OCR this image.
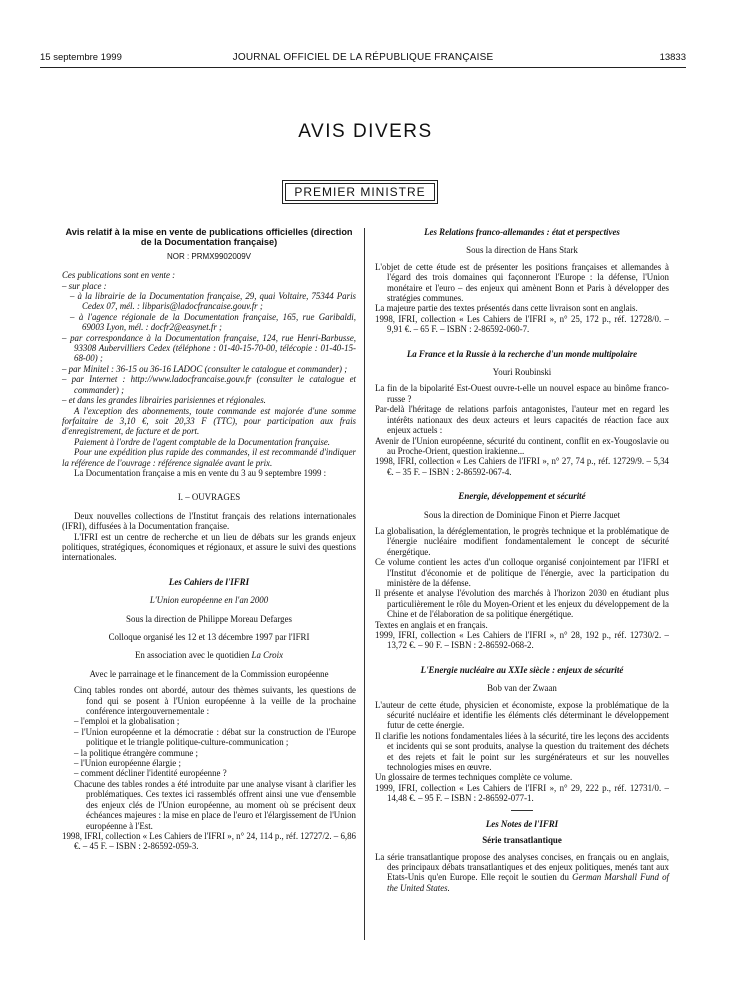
15 septembre 1999	JOURNAL OFFICIEL DE LA RÉPUBLIQUE FRANÇAISE	13833
AVIS DIVERS
PREMIER MINISTRE
Avis relatif à la mise en vente de publications officielles (direction de la Documentation française)
NOR : PRMX9902009V

Ces publications sont en vente :

– sur place :

– à la librairie de la Documentation française, 29, quai Voltaire, 75344 Paris Cedex 07, mél. : libparis@ladocfrancaise.gouv.fr ;

– à l'agence régionale de la Documentation française, 165, rue Garibaldi, 69003 Lyon, mél. : docfr2@easynet.fr ;

– par correspondance à la Documentation française, 124, rue Henri-Barbusse, 93308 Aubervilliers Cedex (téléphone : 01-40-15-70-00, télécopie : 01-40-15-68-00) ;

– par Minitel : 36-15 ou 36-16 LADOC (consulter le catalogue et commander) ;

– par Internet : http://www.ladocfrancaise.gouv.fr (consulter le catalogue et commander) ;

– et dans les grandes librairies parisiennes et régionales.

A l'exception des abonnements, toute commande est majorée d'une somme forfaitaire de 3,10 €, soit 20,33 F (TTC), pour participation aux frais d'enregistrement, de facture et de port.

Paiement à l'ordre de l'agent comptable de la Documentation française.

Pour une expédition plus rapide des commandes, il est recommandé d'indiquer la référence de l'ouvrage : référence signalée avant le prix.

La Documentation française a mis en vente du 3 au 9 septembre 1999 :

I. – OUVRAGES

Deux nouvelles collections de l'Institut français des relations internationales (IFRI), diffusées à la Documentation française.

L'IFRI est un centre de recherche et un lieu de débats sur les grands enjeux politiques, stratégiques, économiques et régionaux, et assure le suivi des questions internationales.

Les Cahiers de l'IFRI

L'Union européenne en l'an 2000

Sous la direction de Philippe Moreau Defarges

Colloque organisé les 12 et 13 décembre 1997 par l'IFRI

En association avec le quotidien La Croix

Avec le parrainage et le financement de la Commission européenne

Cinq tables rondes ont abordé, autour des thèmes suivants, les questions de fond qui se posent à l'Union européenne à la veille de la prochaine conférence intergouvernementale :

– l'emploi et la globalisation ;

– l'Union européenne et la démocratie : débat sur la construction de l'Europe politique et le triangle politique-culture-communication ;

– la politique étrangère commune ;

– l'Union européenne élargie ;

– comment décliner l'identité européenne ?

Chacune des tables rondes a été introduite par une analyse visant à clarifier les problématiques. Ces textes ici rassemblés offrent ainsi une vue d'ensemble des enjeux clés de l'Union européenne, au moment où se précisent deux échéances majeures : la mise en place de l'euro et l'élargissement de l'Union européenne à l'Est.

1998, IFRI, collection « Les Cahiers de l'IFRI », n° 24, 114 p., réf. 12727/2. – 6,86 €. – 45 F. – ISBN : 2-86592-059-3.

Les Relations franco-allemandes : état et perspectives

Sous la direction de Hans Stark

L'objet de cette étude est de présenter les positions françaises et allemandes à l'égard des trois domaines qui façonneront l'Europe : la défense, l'Union monétaire et l'euro – des enjeux qui amènent Bonn et Paris à développer des stratégies communes.

La majeure partie des textes présentés dans cette livraison sont en anglais.

1998, IFRI, collection « Les Cahiers de l'IFRI », n° 25, 172 p., réf. 12728/0. – 9,91 €. – 65 F. – ISBN : 2-86592-060-7.

La France et la Russie à la recherche d'un monde multipolaire

Youri Roubinski

La fin de la bipolarité Est-Ouest ouvre-t-elle un nouvel espace au binôme franco-russe ?

Par-delà l'héritage de relations parfois antagonistes, l'auteur met en regard les intérêts nationaux des deux acteurs et leurs capacités de réaction face aux enjeux actuels :

Avenir de l'Union européenne, sécurité du continent, conflit en ex-Yougoslavie ou au Proche-Orient, question irakienne...

1998, IFRI, collection « Les Cahiers de l'IFRI », n° 27, 74 p., réf. 12729/9. – 5,34 €. – 35 F. – ISBN : 2-86592-067-4.

Energie, développement et sécurité

Sous la direction de Dominique Finon et Pierre Jacquet

La globalisation, la déréglementation, le progrès technique et la problématique de l'énergie nucléaire modifient fondamentalement le concept de sécurité énergétique.

Ce volume contient les actes d'un colloque organisé conjointement par l'IFRI et l'Institut d'économie et de politique de l'énergie, avec la participation du ministère de la défense.

Il présente et analyse l'évolution des marchés à l'horizon 2030 en étudiant plus particulièrement le rôle du Moyen-Orient et les enjeux du développement de la Chine et de l'élaboration de sa politique énergétique.

Textes en anglais et en français.

1999, IFRI, collection « Les Cahiers de l'IFRI », n° 28, 192 p., réf. 12730/2. – 13,72 €. – 90 F. – ISBN : 2-86592-068-2.

L'Energie nucléaire au XXIe siècle : enjeux de sécurité

Bob van der Zwaan

L'auteur de cette étude, physicien et économiste, expose la problématique de la sécurité nucléaire et identifie les éléments clés déterminant le développement futur de cette énergie.

Il clarifie les notions fondamentales liées à la sécurité, tire les leçons des accidents et incidents qui se sont produits, analyse la question du traitement des déchets et des rejets et fait le point sur les surgénérateurs et sur les nouvelles technologies mises en œuvre.

Un glossaire de termes techniques complète ce volume.

1999, IFRI, collection « Les Cahiers de l'IFRI », n° 29, 222 p., réf. 12731/0. – 14,48 €. – 95 F. – ISBN : 2-86592-077-1.

Les Notes de l'IFRI

Série transatlantique

La série transatlantique propose des analyses concises, en français ou en anglais, des principaux débats transatlantiques et des enjeux politiques, menés tant aux Etats-Unis qu'en Europe. Elle reçoit le soutien du German Marshall Fund of the United States.
